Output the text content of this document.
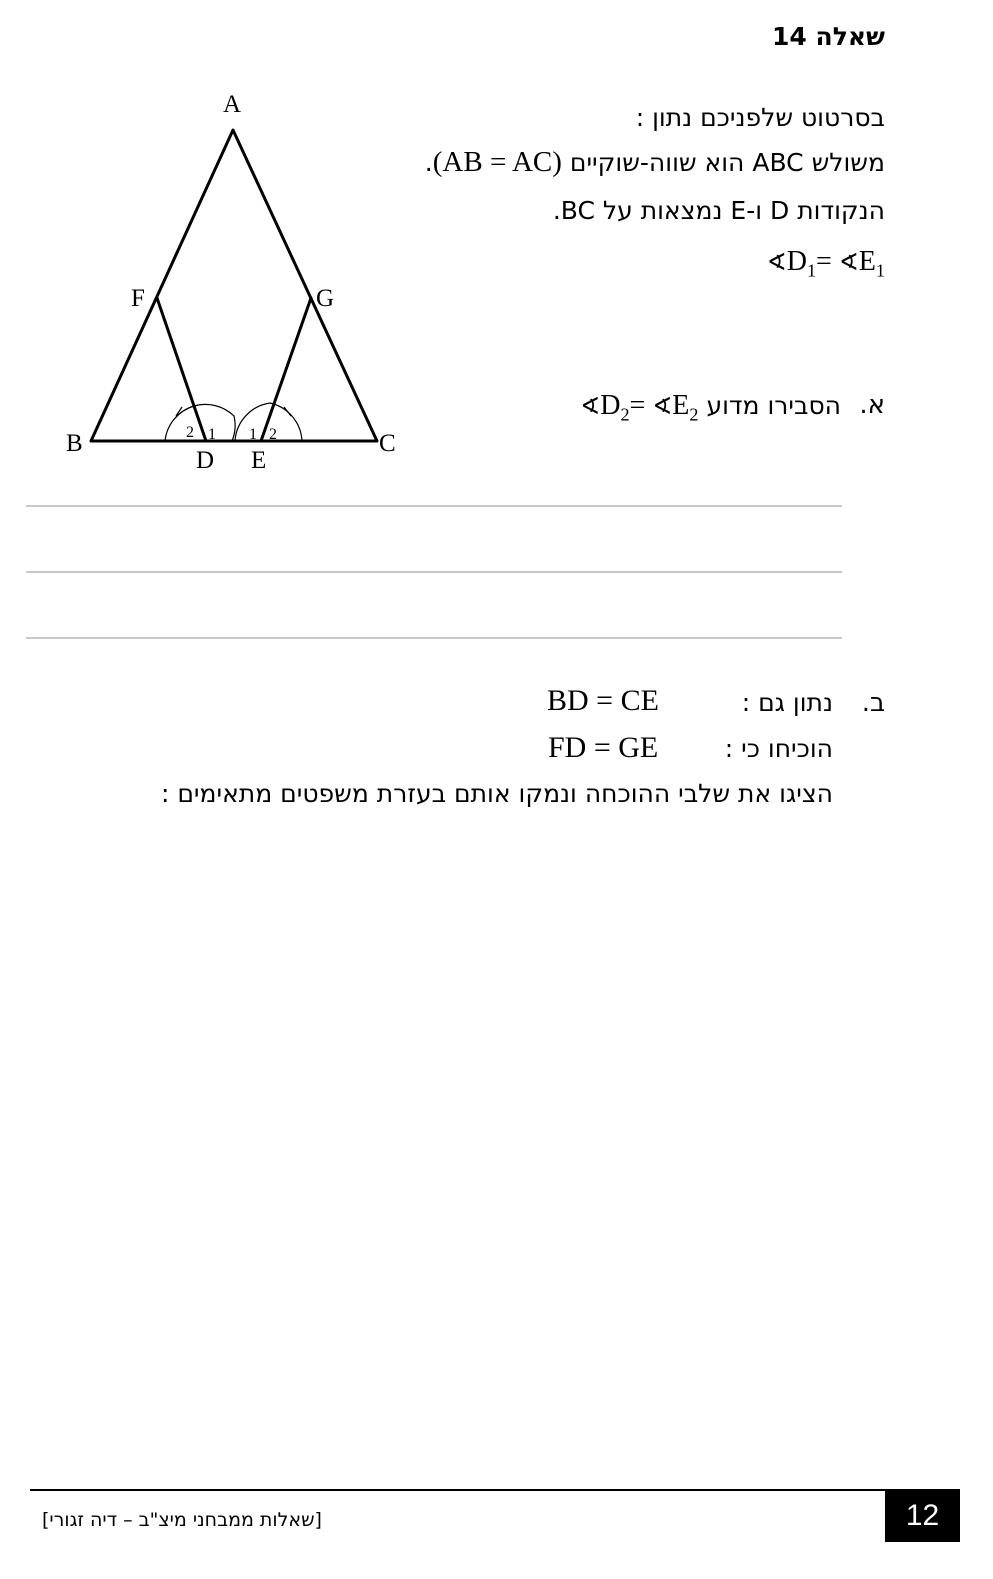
שאלה 14
A
B	C
D E
F	G
2 1 1 2
בסרטוט שלפניכם נתון :
משולש ABC הוא שווה-שוקיים (AB = AC).
הנקודות D ו-E נמצאות על BC.
$∢D_1=$ $∢E_1$
א.
הסבירו מדוע $∢D_2=$ $∢E_2$
ב.
נתון גם :
BD = CE
הוכיחו כי :
FD = GE
הציגו את שלבי ההוכחה ונמקו אותם בעזרת משפטים מתאימים :
[שאלות ממבחני מיצ"ב – דיה זגורי]	12
